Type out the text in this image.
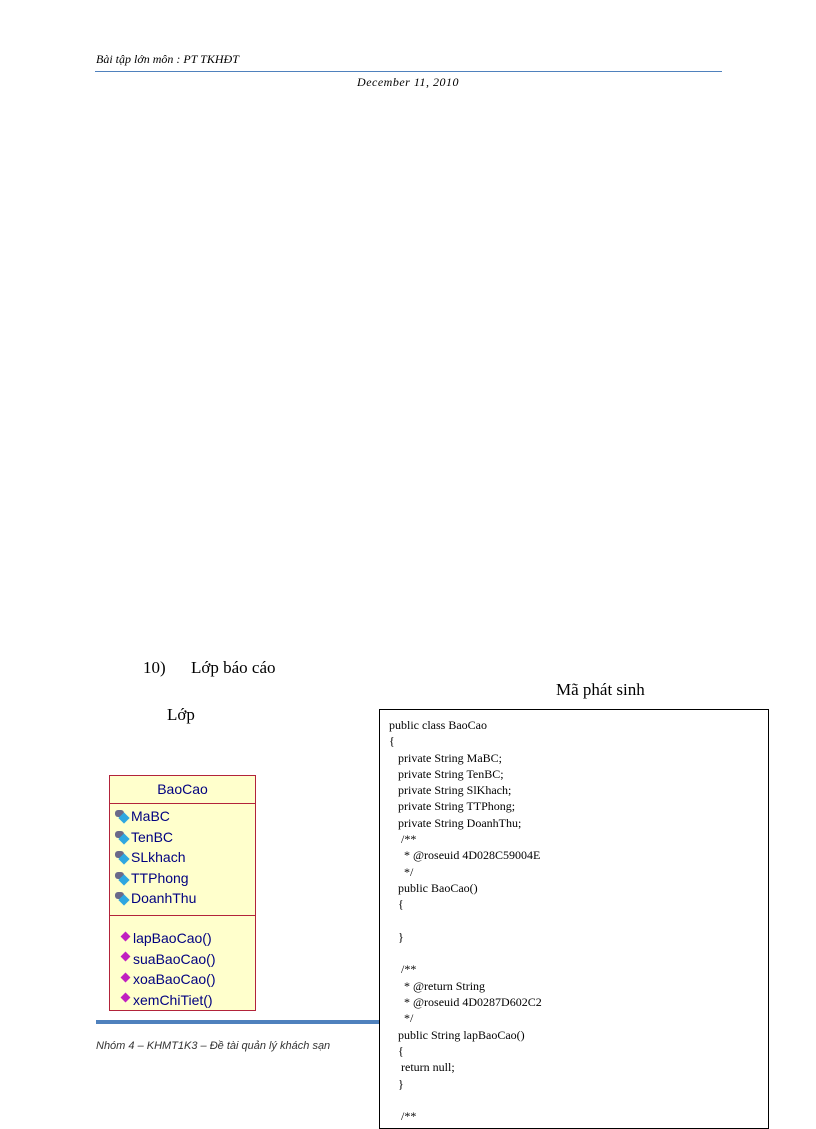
Bài tập lớn môn : PT TKHĐT
December 11, 2010
10) Lớp báo cáo
Mã phát sinh
Lớp
BaoCao
MaBC
TenBC
SLkhach
TTPhong
DoanhThu
lapBaoCao()
suaBaoCao()
xoaBaoCao()
xemChiTiet()
Nhóm 4 – KHMT1K3 – Đề tài quản lý khách sạn
public class BaoCao
{
private String MaBC;
private String TenBC;
private String SlKhach;
private String TTPhong;
private String DoanhThu;
/**
* @roseuid 4D028C59004E
*/
public BaoCao()
{
}
/**
* @return String
* @roseuid 4D0287D602C2
*/
public String lapBaoCao()
{
return null;
}
/**
